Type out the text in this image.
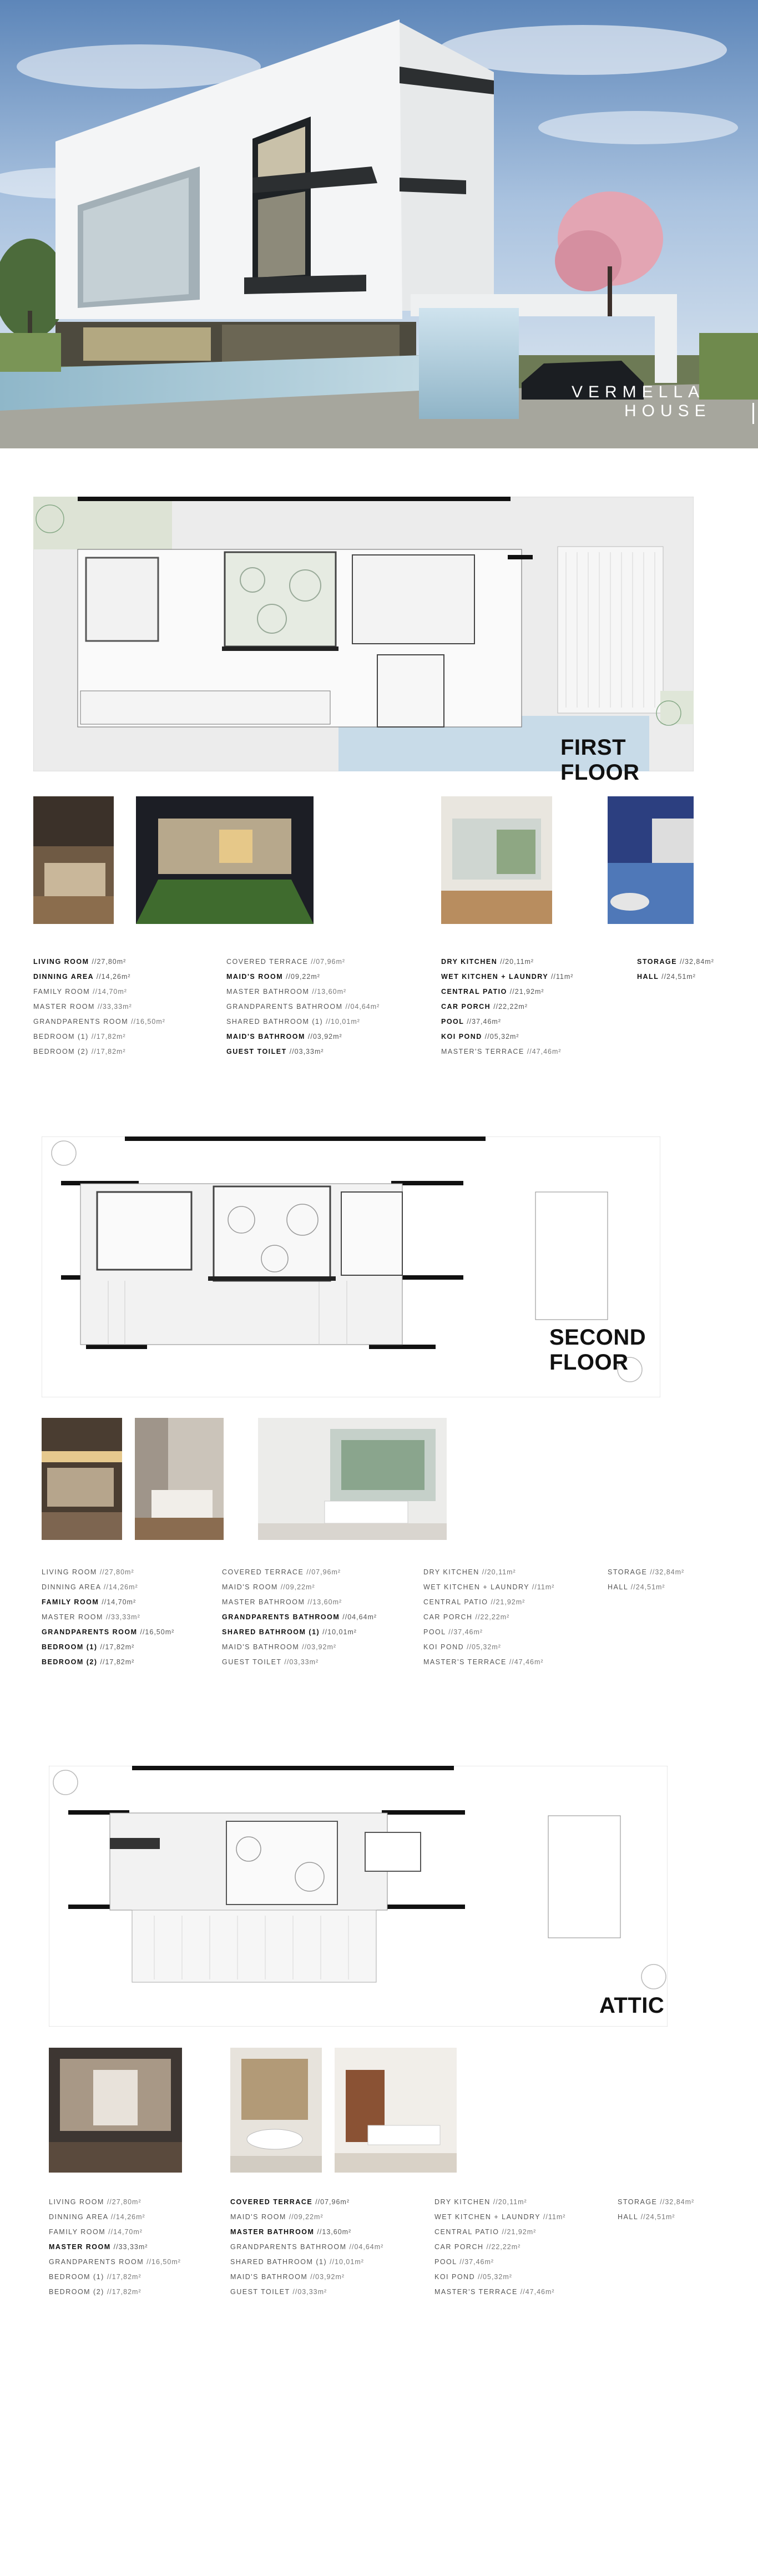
VERMELLA
HOUSE
FIRST FLOOR
LIVING ROOM //27,80m²
DINNING AREA //14,26m²
FAMILY ROOM //14,70m²
MASTER ROOM //33,33m²
GRANDPARENTS ROOM //16,50m²
BEDROOM (1) //17,82m²
BEDROOM (2) //17,82m²
COVERED TERRACE //07,96m²
MAID'S ROOM //09,22m²
MASTER BATHROOM //13,60m²
GRANDPARENTS BATHROOM //04,64m²
SHARED BATHROOM (1) //10,01m²
MAID'S BATHROOM //03,92m²
GUEST TOILET //03,33m²
DRY KITCHEN //20,11m²
WET KITCHEN + LAUNDRY //11m²
CENTRAL PATIO //21,92m²
CAR PORCH //22,22m²
POOL //37,46m²
KOI POND //05,32m²
MASTER'S TERRACE //47,46m²
STORAGE //32,84m²
HALL //24,51m²
SECOND FLOOR
LIVING ROOM //27,80m²
DINNING AREA //14,26m²
FAMILY ROOM //14,70m²
MASTER ROOM //33,33m²
GRANDPARENTS ROOM //16,50m²
BEDROOM (1) //17,82m²
BEDROOM (2) //17,82m²
COVERED TERRACE //07,96m²
MAID'S ROOM //09,22m²
MASTER BATHROOM //13,60m²
GRANDPARENTS BATHROOM //04,64m²
SHARED BATHROOM (1) //10,01m²
MAID'S BATHROOM //03,92m²
GUEST TOILET //03,33m²
DRY KITCHEN //20,11m²
WET KITCHEN + LAUNDRY //11m²
CENTRAL PATIO //21,92m²
CAR PORCH //22,22m²
POOL //37,46m²
KOI POND //05,32m²
MASTER'S TERRACE //47,46m²
STORAGE //32,84m²
HALL //24,51m²
ATTIC
LIVING ROOM //27,80m²
DINNING AREA //14,26m²
FAMILY ROOM //14,70m²
MASTER ROOM //33,33m²
GRANDPARENTS ROOM //16,50m²
BEDROOM (1) //17,82m²
BEDROOM (2) //17,82m²
COVERED TERRACE //07,96m²
MAID'S ROOM //09,22m²
MASTER BATHROOM //13,60m²
GRANDPARENTS BATHROOM //04,64m²
SHARED BATHROOM (1) //10,01m²
MAID'S BATHROOM //03,92m²
GUEST TOILET //03,33m²
DRY KITCHEN //20,11m²
WET KITCHEN + LAUNDRY //11m²
CENTRAL PATIO //21,92m²
CAR PORCH //22,22m²
POOL //37,46m²
KOI POND //05,32m²
MASTER'S TERRACE //47,46m²
STORAGE //32,84m²
HALL //24,51m²
